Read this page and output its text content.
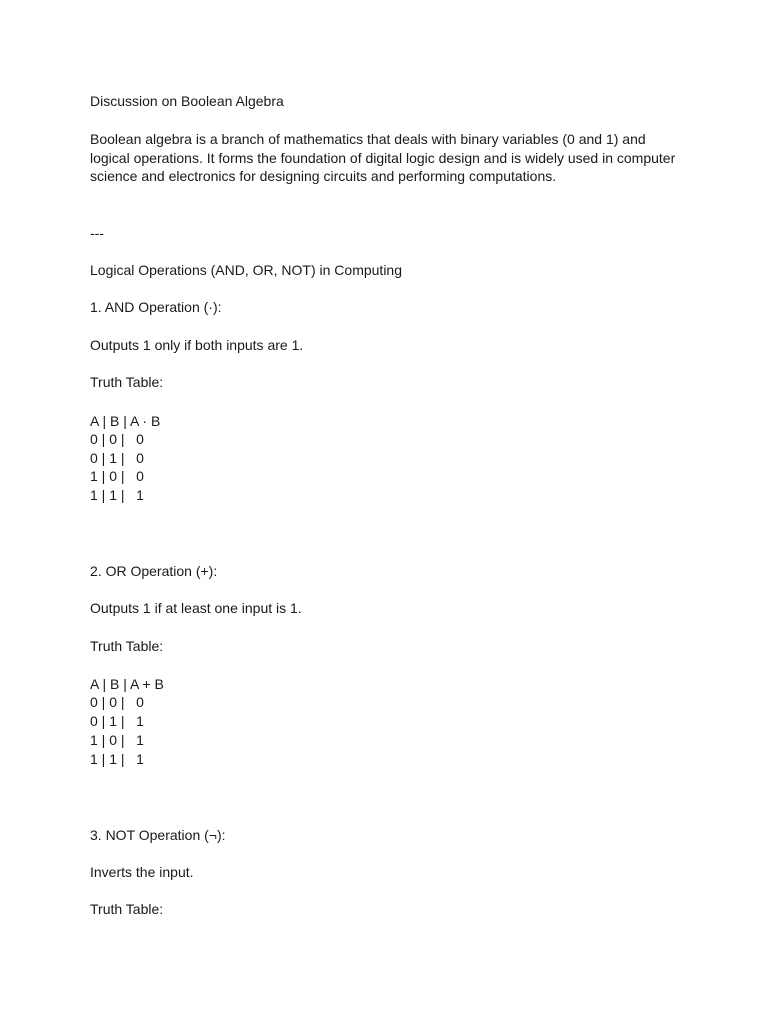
Discussion on Boolean Algebra
Boolean algebra is a branch of mathematics that deals with binary variables (0 and 1) and
logical operations. It forms the foundation of digital logic design and is widely used in computer
science and electronics for designing circuits and performing computations.
---
Logical Operations (AND, OR, NOT) in Computing
1. AND Operation (·):
Outputs 1 only if both inputs are 1.
Truth Table:
A | B | A · B
0 | 0 |   0
0 | 1 |   0
1 | 0 |   0
1 | 1 |   1
2. OR Operation (+):
Outputs 1 if at least one input is 1.
Truth Table:
A | B | A + B
0 | 0 |   0
0 | 1 |   1
1 | 0 |   1
1 | 1 |   1
3. NOT Operation (¬):
Inverts the input.
Truth Table:
